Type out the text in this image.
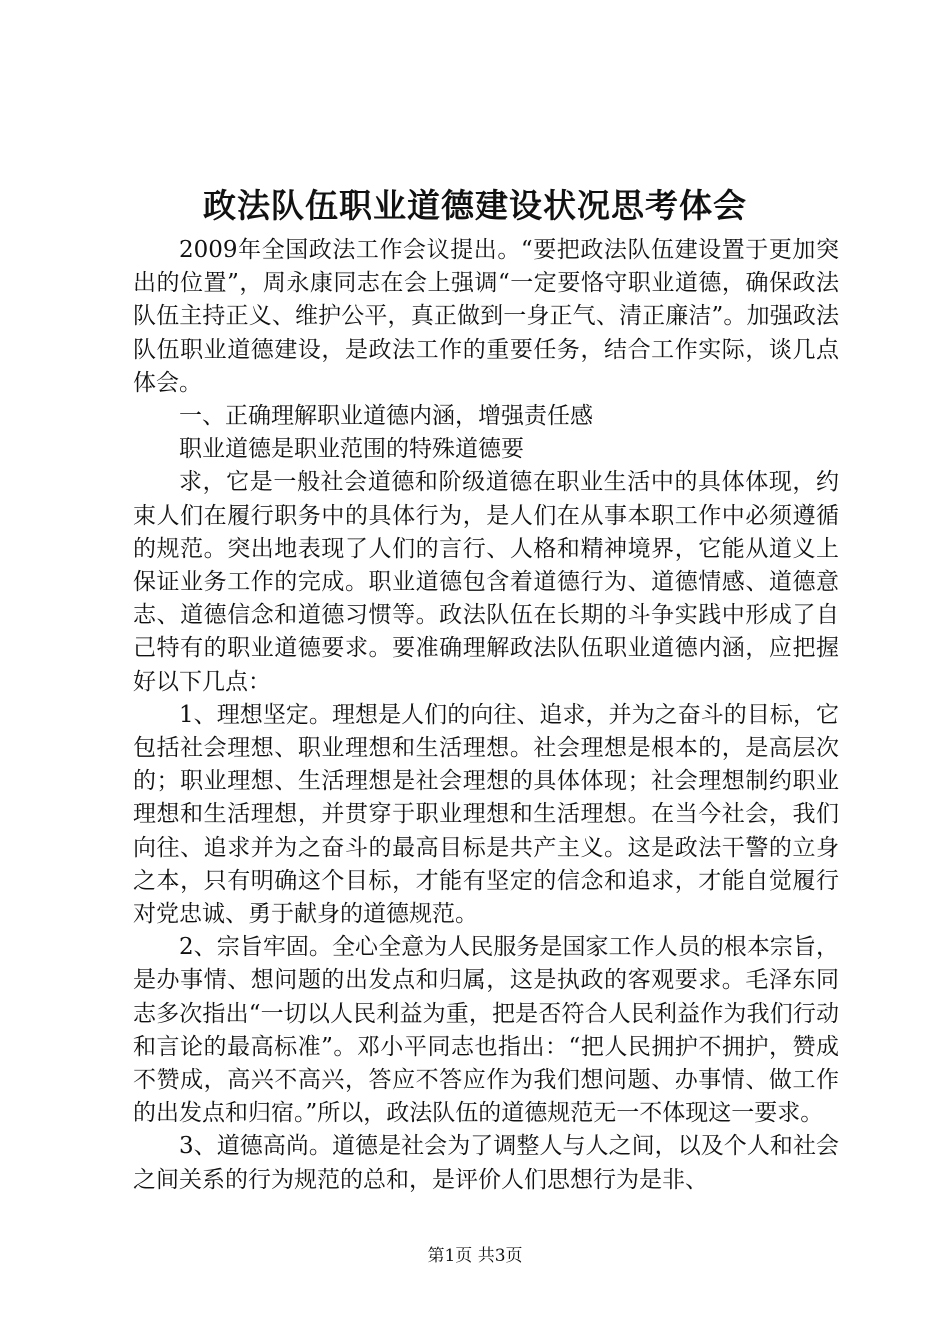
政法队伍职业道德建设状况思考体会

2009年全国政法工作会议提出。“要把政法队伍建设置于更加突出的位置”，周永康同志在会上强调“一定要恪守职业道德，确保政法队伍主持正义、维护公平，真正做到一身正气、清正廉洁”。加强政法队伍职业道德建设，是政法工作的重要任务，结合工作实际，谈几点体会。

一、正确理解职业道德内涵，增强责任感

职业道德是职业范围的特殊道德要

求，它是一般社会道德和阶级道德在职业生活中的具体体现，约束人们在履行职务中的具体行为，是人们在从事本职工作中必须遵循的规范。突出地表现了人们的言行、人格和精神境界，它能从道义上保证业务工作的完成。职业道德包含着道德行为、道德情感、道德意志、道德信念和道德习惯等。政法队伍在长期的斗争实践中形成了自己特有的职业道德要求。要准确理解政法队伍职业道德内涵，应把握好以下几点：

1、理想坚定。理想是人们的向往、追求，并为之奋斗的目标，它包括社会理想、职业理想和生活理想。社会理想是根本的，是高层次的；职业理想、生活理想是社会理想的具体体现；社会理想制约职业理想和生活理想，并贯穿于职业理想和生活理想。在当今社会，我们向往、追求并为之奋斗的最高目标是共产主义。这是政法干警的立身之本，只有明确这个目标，才能有坚定的信念和追求，才能自觉履行对党忠诚、勇于献身的道德规范。

2、宗旨牢固。全心全意为人民服务是国家工作人员的根本宗旨，是办事情、想问题的出发点和归属，这是执政的客观要求。毛泽东同志多次指出“一切以人民利益为重，把是否符合人民利益作为我们行动和言论的最高标准”。邓小平同志也指出：“把人民拥护不拥护，赞成不赞成，高兴不高兴，答应不答应作为我们想问题、办事情、做工作的出发点和归宿。”所以，政法队伍的道德规范无一不体现这一要求。

3、道德高尚。道德是社会为了调整人与人之间，以及个人和社会之间关系的行为规范的总和，是评价人们思想行为是非、

第1页 共3页
